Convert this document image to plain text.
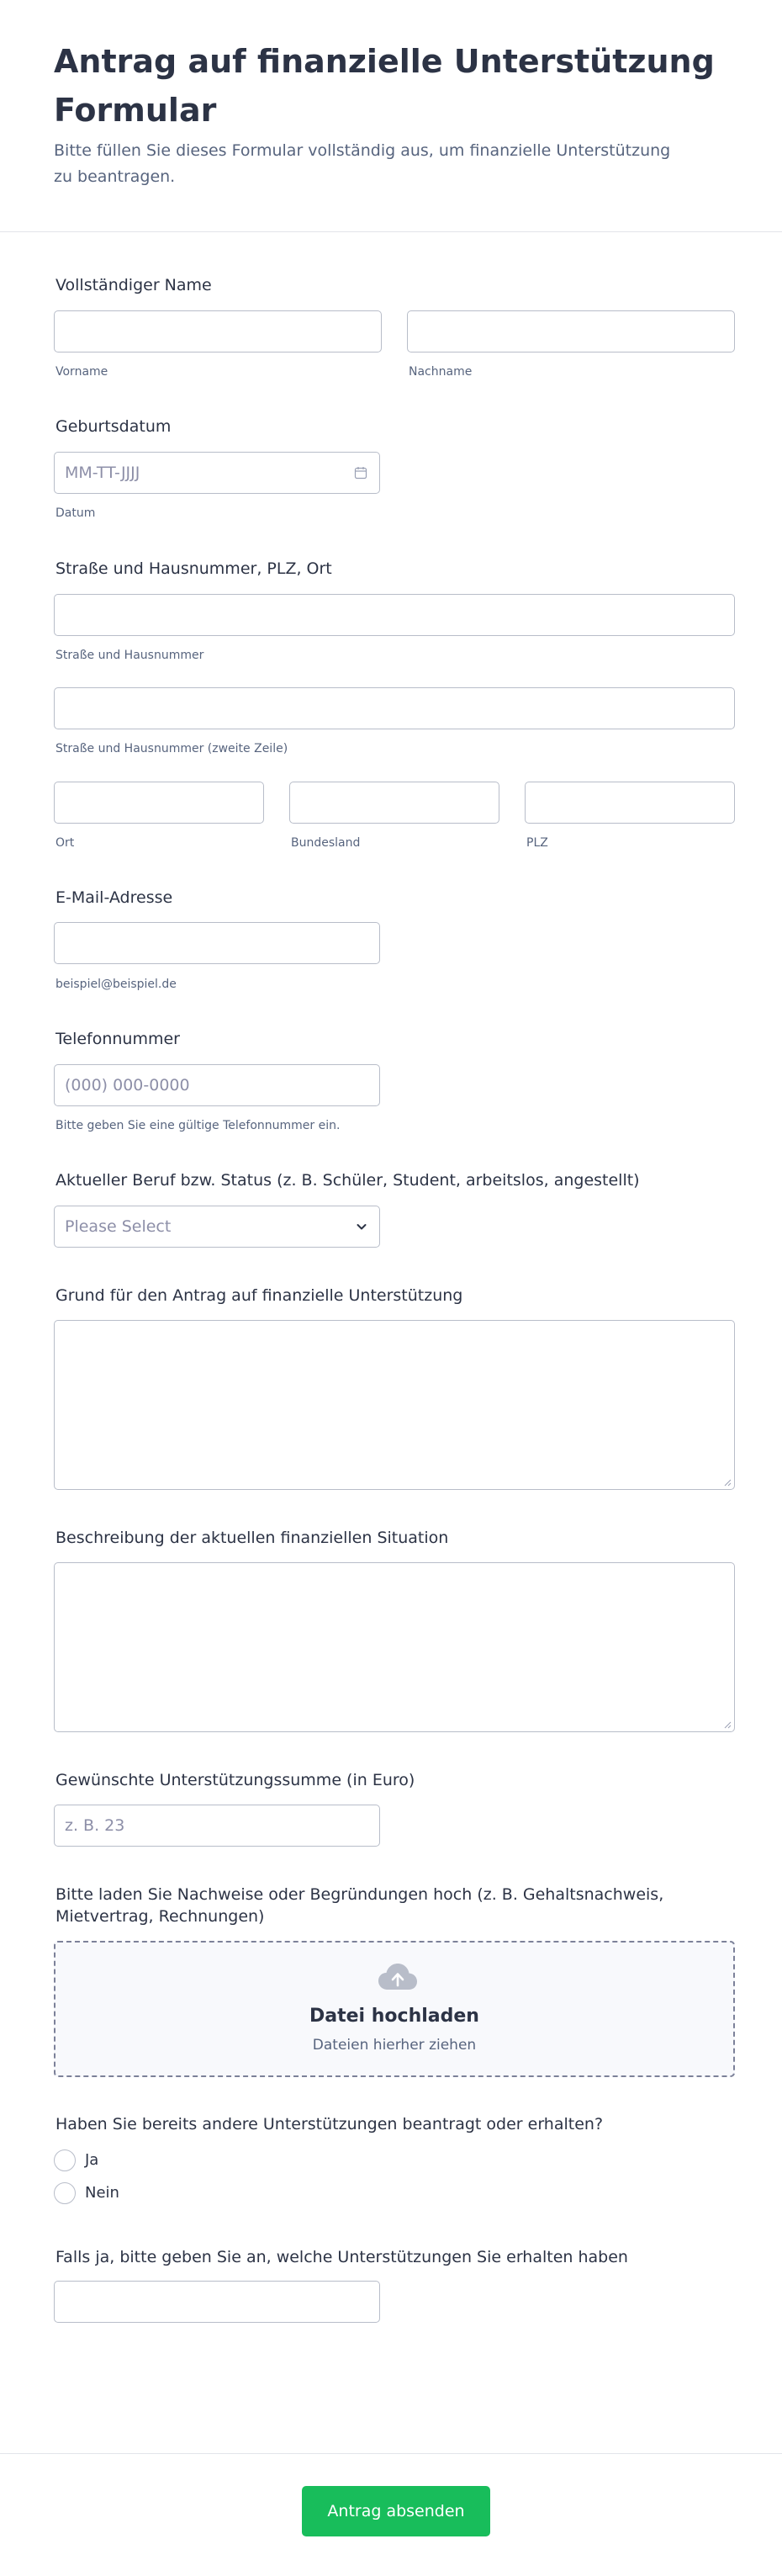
Antrag auf finanzielle Unterstützung Formular
Bitte füllen Sie dieses Formular vollständig aus, um finanzielle Unterstützung zu beantragen.
Vollständiger Name
Vorname	Nachname
Geburtsdatum
MM-TT-JJJJ
Datum
Straße und Hausnummer, PLZ, Ort
Straße und Hausnummer
Straße und Hausnummer (zweite Zeile)
Ort	Bundesland	PLZ
E-Mail-Adresse
beispiel@beispiel.de
Telefonnummer
(000) 000-0000
Bitte geben Sie eine gültige Telefonnummer ein.
Aktueller Beruf bzw. Status (z. B. Schüler, Student, arbeitslos, angestellt)
Please Select
Grund für den Antrag auf finanzielle Unterstützung
Beschreibung der aktuellen finanziellen Situation
Gewünschte Unterstützungssumme (in Euro)
z. B. 23
Bitte laden Sie Nachweise oder Begründungen hoch (z. B. Gehaltsnachweis, Mietvertrag, Rechnungen)
Datei hochladen
Dateien hierher ziehen
Haben Sie bereits andere Unterstützungen beantragt oder erhalten?
Ja
Nein
Falls ja, bitte geben Sie an, welche Unterstützungen Sie erhalten haben
Antrag absenden
